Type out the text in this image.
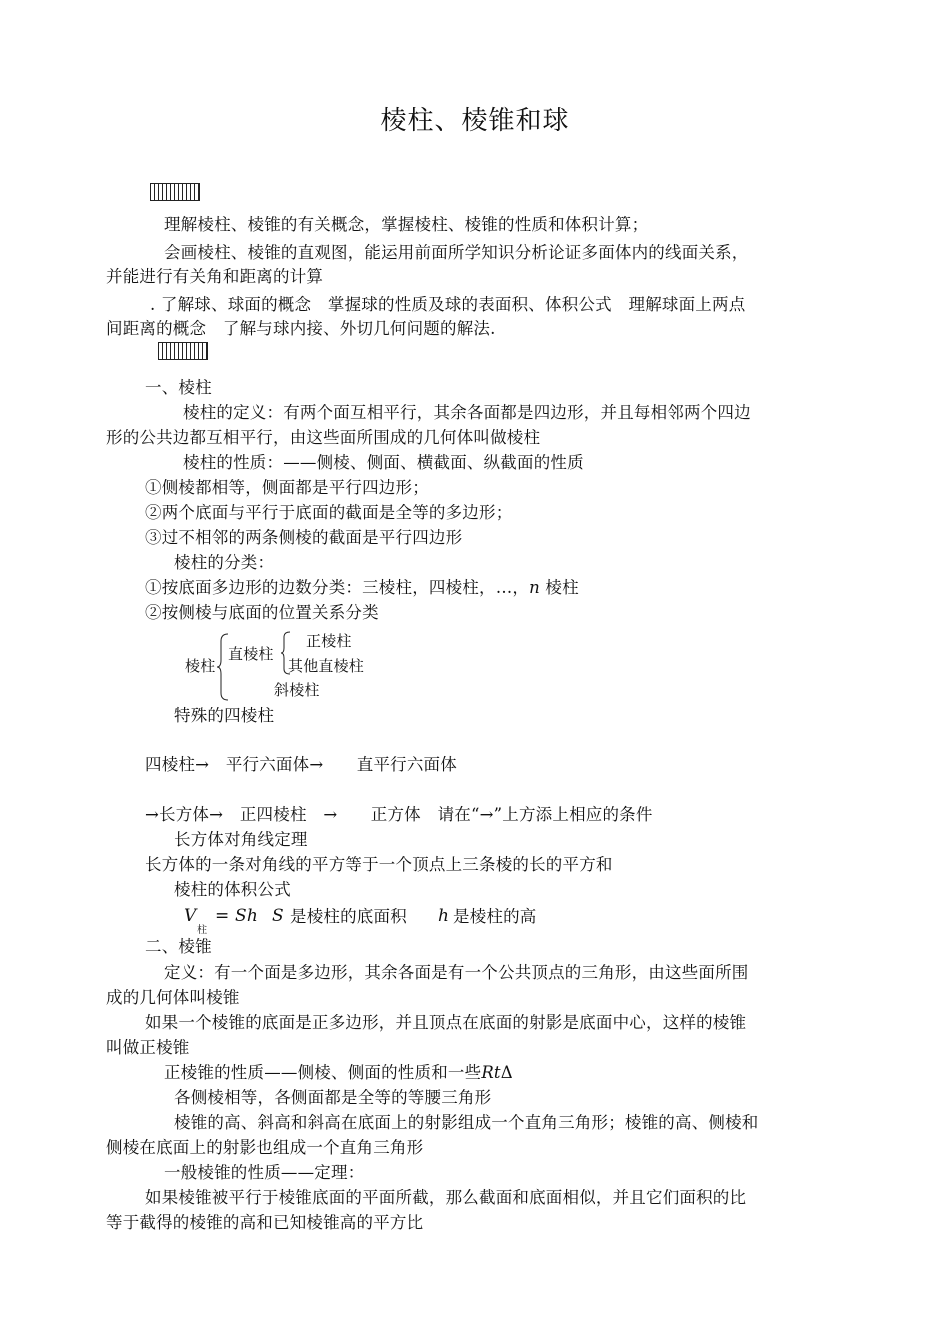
棱柱、棱锥和球
理解棱柱、棱锥的有关概念，掌握棱柱、棱锥的性质和体积计算；
会画棱柱、棱锥的直观图，能运用前面所学知识分析论证多面体内的线面关系，
并能进行有关角和距离的计算
. 了解球、球面的概念　掌握球的性质及球的表面积、体积公式　理解球面上两点
间距离的概念　了解与球内接、外切几何问题的解法.
一、棱柱
棱柱的定义：有两个面互相平行，其余各面都是四边形，并且每相邻两个四边
形的公共边都互相平行，由这些面所围成的几何体叫做棱柱
棱柱的性质：——侧棱、侧面、横截面、纵截面的性质
①侧棱都相等，侧面都是平行四边形；
②两个底面与平行于底面的截面是全等的多边形；
③过不相邻的两条侧棱的截面是平行四边形
棱柱的分类：
①按底面多边形的边数分类：三棱柱，四棱柱，…，n 棱柱
②按侧棱与底面的位置关系分类
棱柱
直棱柱
正棱柱
其他直棱柱
斜棱柱
特殊的四棱柱
四棱柱→　平行六面体→　　直平行六面体
→长方体→　正四棱柱　→　　正方体　请在“→”上方添上相应的条件
长方体对角线定理
长方体的一条对角线的平方等于一个顶点上三条棱的长的平方和
棱柱的体积公式
V
柱
= Sh S 是棱柱的底面积 h 是棱柱的高
二、棱锥
定义：有一个面是多边形，其余各面是有一个公共顶点的三角形，由这些面所围
成的几何体叫棱锥
如果一个棱锥的底面是正多边形，并且顶点在底面的射影是底面中心，这样的棱锥
叫做正棱锥
正棱锥的性质——侧棱、侧面的性质和一些RtΔ
各侧棱相等，各侧面都是全等的等腰三角形
棱锥的高、斜高和斜高在底面上的射影组成一个直角三角形；棱锥的高、侧棱和
侧棱在底面上的射影也组成一个直角三角形
一般棱锥的性质——定理：
如果棱锥被平行于棱锥底面的平面所截，那么截面和底面相似，并且它们面积的比
等于截得的棱锥的高和已知棱锥高的平方比
